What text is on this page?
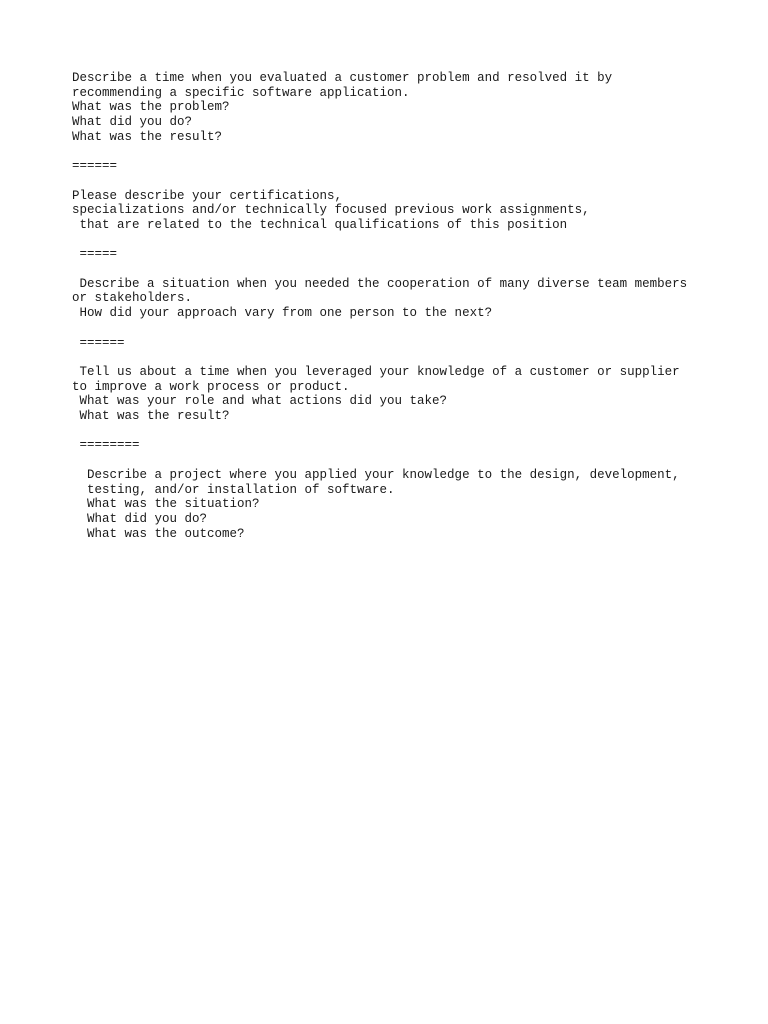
Describe a time when you evaluated a customer problem and resolved it by
recommending a specific software application.
What was the problem?
What did you do?
What was the result?
======
Please describe your certifications,
specializations and/or technically focused previous work assignments,
that are related to the technical qualifications of this position
=====
Describe a situation when you needed the cooperation of many diverse team members
or stakeholders.
How did your approach vary from one person to the next?
======
Tell us about a time when you leveraged your knowledge of a customer or supplier
to improve a work process or product.
What was your role and what actions did you take?
What was the result?
========
Describe a project where you applied your knowledge to the design, development,
testing, and/or installation of software.
What was the situation?
What did you do?
What was the outcome?
